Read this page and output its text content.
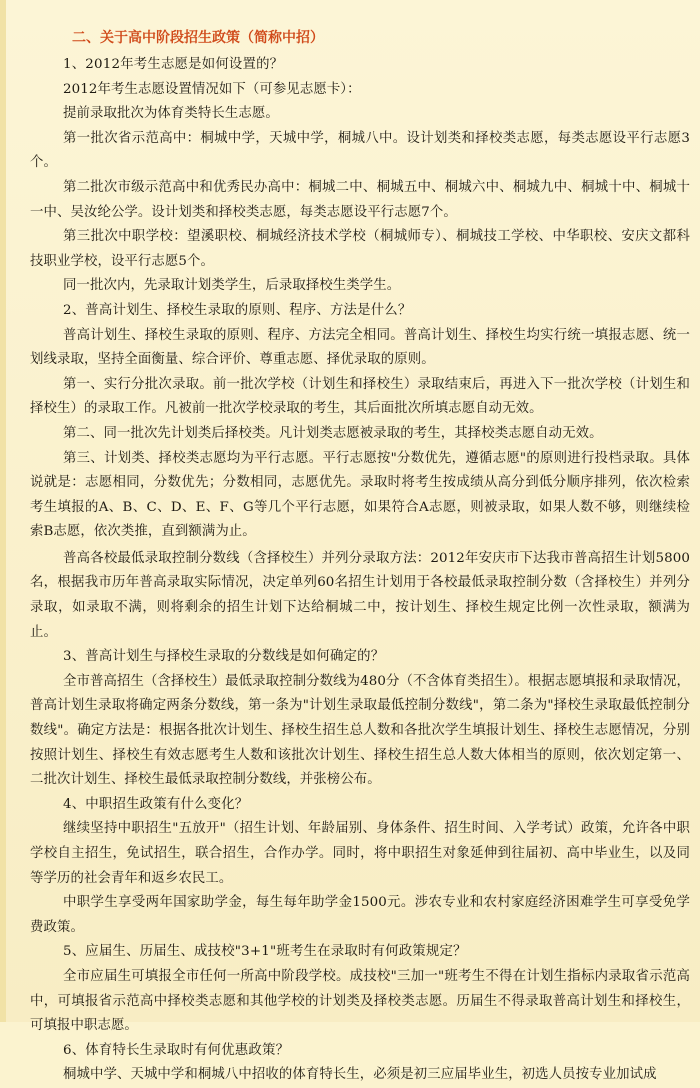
二、关于高中阶段招生政策（简称中招）

1、2012年考生志愿是如何设置的？

2012年考生志愿设置情况如下（可参见志愿卡）：

提前录取批次为体育类特长生志愿。

第一批次省示范高中：桐城中学，天城中学，桐城八中。设计划类和择校类志愿，每类志愿设平行志愿3个。

第二批次市级示范高中和优秀民办高中：桐城二中、桐城五中、桐城六中、桐城九中、桐城十中、桐城十一中、吴汝纶公学。设计划类和择校类志愿，每类志愿设平行志愿7个。

第三批次中职学校：望溪职校、桐城经济技术学校（桐城师专）、桐城技工学校、中华职校、安庆文都科技职业学校，设平行志愿5个。

同一批次内，先录取计划类学生，后录取择校生类学生。

2、普高计划生、择校生录取的原则、程序、方法是什么？

普高计划生、择校生录取的原则、程序、方法完全相同。普高计划生、择校生均实行统一填报志愿、统一划线录取，坚持全面衡量、综合评价、尊重志愿、择优录取的原则。

第一、实行分批次录取。前一批次学校（计划生和择校生）录取结束后，再进入下一批次学校（计划生和择校生）的录取工作。凡被前一批次学校录取的考生，其后面批次所填志愿自动无效。

第二、同一批次先计划类后择校类。凡计划类志愿被录取的考生，其择校类志愿自动无效。

第三、计划类、择校类志愿均为平行志愿。平行志愿按"分数优先，遵循志愿"的原则进行投档录取。具体说就是：志愿相同，分数优先；分数相同，志愿优先。录取时将考生按成绩从高分到低分顺序排列，依次检索考生填报的A、B、C、D、E、F、G等几个平行志愿，如果符合A志愿，则被录取，如果人数不够，则继续检索B志愿，依次类推，直到额满为止。

普高各校最低录取控制分数线（含择校生）并列分录取方法：2012年安庆市下达我市普高招生计划5800名，根据我市历年普高录取实际情况，决定单列60名招生计划用于各校最低录取控制分数（含择校生）并列分录取，如录取不满，则将剩余的招生计划下达给桐城二中，按计划生、择校生规定比例一次性录取，额满为止。

3、普高计划生与择校生录取的分数线是如何确定的？

全市普高招生（含择校生）最低录取控制分数线为480分（不含体育类招生）。根据志愿填报和录取情况，普高计划生录取将确定两条分数线，第一条为"计划生录取最低控制分数线"，第二条为"择校生录取最低控制分数线"。确定方法是：根据各批次计划生、择校生招生总人数和各批次学生填报计划生、择校生志愿情况，分别按照计划生、择校生有效志愿考生人数和该批次计划生、择校生招生总人数大体相当的原则，依次划定第一、二批次计划生、择校生最低录取控制分数线，并张榜公布。

4、中职招生政策有什么变化？

继续坚持中职招生"五放开"（招生计划、年龄届别、身体条件、招生时间、入学考试）政策，允许各中职学校自主招生，免试招生，联合招生，合作办学。同时，将中职招生对象延伸到往届初、高中毕业生，以及同等学历的社会青年和返乡农民工。

中职学生享受两年国家助学金，每生每年助学金1500元。涉农专业和农村家庭经济困难学生可享受免学费政策。

5、应届生、历届生、成技校"3+1"班考生在录取时有何政策规定？

全市应届生可填报全市任何一所高中阶段学校。成技校"三加一"班考生不得在计划生指标内录取省示范高中，可填报省示范高中择校类志愿和其他学校的计划类及择校类志愿。历届生不得录取普高计划生和择校生，可填报中职志愿。

6、体育特长生录取时有何优惠政策？

桐城中学、天城中学和桐城八中招收的体育特长生，必须是初三应届毕业生，初选人员按专业加试成
